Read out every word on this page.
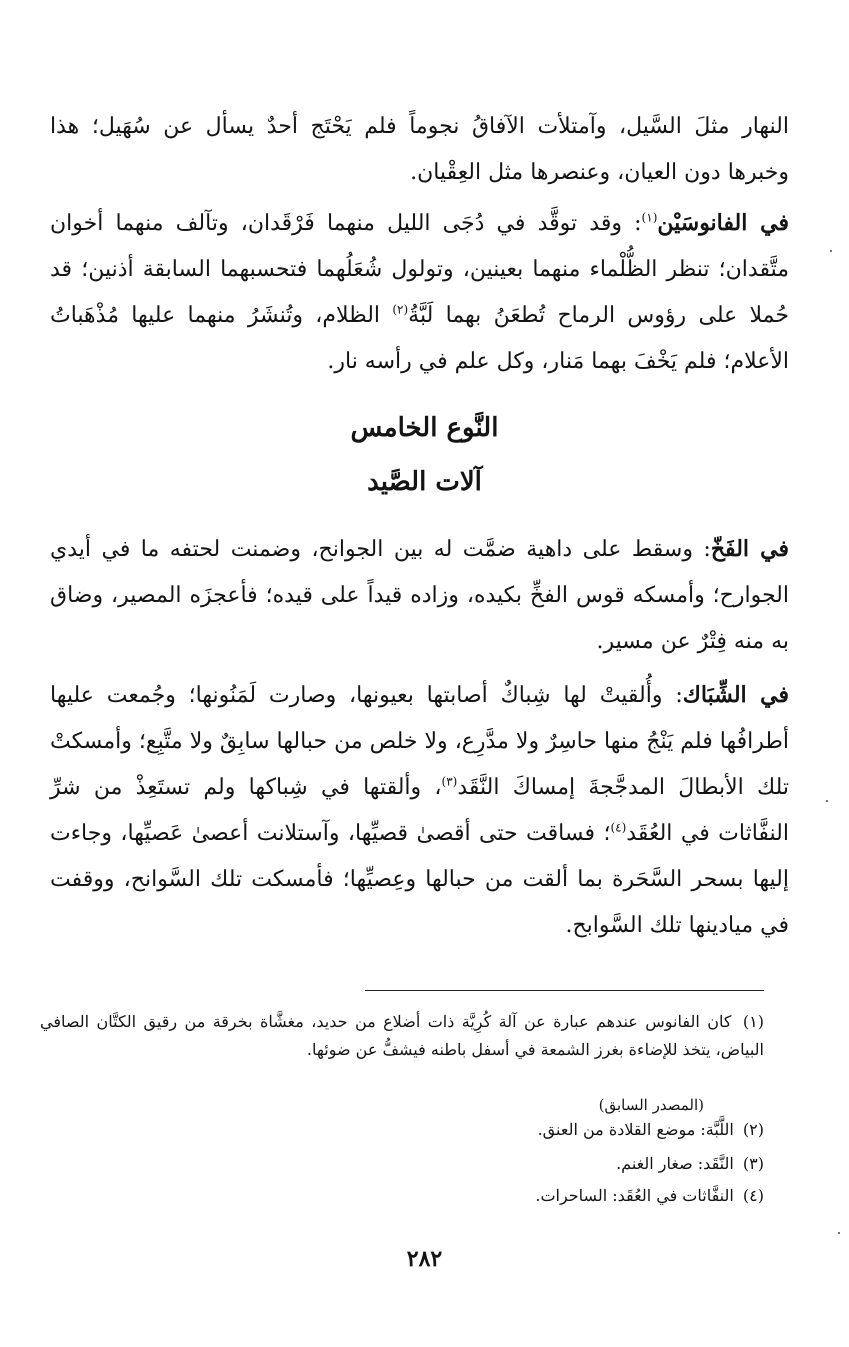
النهار مثلَ السَّيل، وآمتلأت الآفاقُ نجوماً فلم يَحْتَج أحدٌ يسأل عن سُهَيل؛ هذا وخبرها دون العيان، وعنصرها مثل العِقْيان.

في الفانوسَيْن$^{(١)}$: وقد توقَّد في دُجَى الليل منهما فَرْقَدان، وتآلف منهما أخوان متَّقدان؛ تنظر الظُّلْماء منهما بعينين، وتولول شُعَلُهما فتحسبهما السابقة أذنين؛ قد حُملا على رؤوس الرماح تُطعَنُ بهما لَبَّةُ$^{(٢)}$ الظلام، وتُنشَرُ منهما عليها مُذْهَباتُ الأعلام؛ فلم يَخْفَ بهما مَنار، وكل علم في رأسه نار.

النَّوع الخامس
آلات الصَّيد

في الفَخّ: وسقط على داهية ضمَّت له بين الجوانح، وضمنت لحتفه ما في أيدي الجوارح؛ وأمسكه قوس الفخِّ بكيده، وزاده قيداً على قيده؛ فأعجزَه المصير، وضاق به منه فِتْرٌ عن مسير.

في الشِّبَاك: وأُلقيتْ لها شِباكٌ أصابتها بعيونها، وصارت لَمَنُونها؛ وجُمعت عليها أطرافُها فلم يَنْجُ منها حاسِرٌ ولا مدَّرِع، ولا خلص من حبالها سابِقٌ ولا متَّبِع؛ وأمسكتْ تلك الأبطالَ المدجَّجةَ إمساكَ النَّقَد$^{(٣)}$، وألقتها في شِباكها ولم تستَعِذْ من شرِّ النفَّاثات في العُقَد$^{(٤)}$؛ فساقت حتى أقصىٰ قصيِّها، وآستلانت أعصىٰ عَصيِّها، وجاءت إليها بسحر السَّحَرة بما ألقت من حبالها وعِصيِّها؛ فأمسكت تلك السَّوانح، ووقفت في ميادينها تلك السَّوابح.

(١) كان الفانوس عندهم عبارة عن آلة كُرِيَّة ذات أضلاع من حديد، مغشَّاة بخرقة من رقيق الكتَّان الصافي البياض، يتخذ للإضاءة بغرز الشمعة في أسفل باطنه فيشفُّ عن ضوئها.

(المصدر السابق)

(٢) اللَّبَّة: موضع القلادة من العنق.

(٣) النَّقَد: صغار الغنم.

(٤) النفَّاثات في العُقَد: الساحرات.

٢٨٢
